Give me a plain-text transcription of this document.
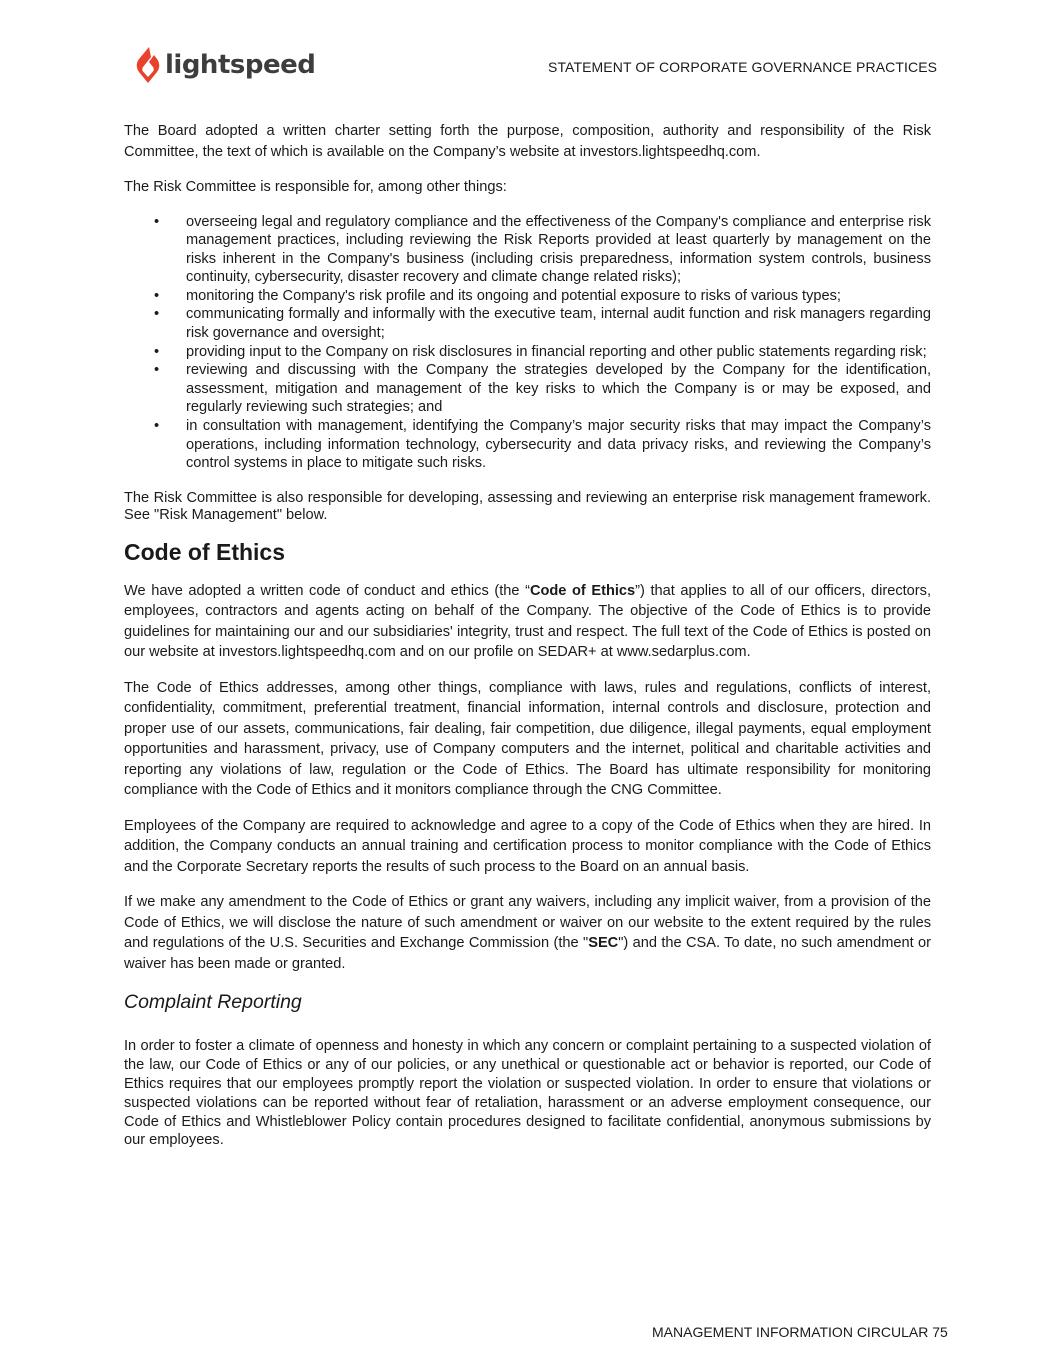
lightspeed	STATEMENT OF CORPORATE GOVERNANCE PRACTICES

The Board adopted a written charter setting forth the purpose, composition, authority and responsibility of the Risk Committee, the text of which is available on the Company’s website at investors.lightspeedhq.com.

The Risk Committee is responsible for, among other things:

• overseeing legal and regulatory compliance and the effectiveness of the Company's compliance and enterprise risk management practices, including reviewing the Risk Reports provided at least quarterly by management on the risks inherent in the Company's business (including crisis preparedness, information system controls, business continuity, cybersecurity, disaster recovery and climate change related risks);
• monitoring the Company's risk profile and its ongoing and potential exposure to risks of various types;
• communicating formally and informally with the executive team, internal audit function and risk managers regarding risk governance and oversight;
• providing input to the Company on risk disclosures in financial reporting and other public statements regarding risk;
• reviewing and discussing with the Company the strategies developed by the Company for the identification, assessment, mitigation and management of the key risks to which the Company is or may be exposed, and regularly reviewing such strategies; and
• in consultation with management, identifying the Company’s major security risks that may impact the Company’s operations, including information technology, cybersecurity and data privacy risks, and reviewing the Company’s control systems in place to mitigate such risks.

The Risk Committee is also responsible for developing, assessing and reviewing an enterprise risk management framework. See "Risk Management" below.

Code of Ethics

We have adopted a written code of conduct and ethics (the “Code of Ethics”) that applies to all of our officers, directors, employees, contractors and agents acting on behalf of the Company. The objective of the Code of Ethics is to provide guidelines for maintaining our and our subsidiaries' integrity, trust and respect. The full text of the Code of Ethics is posted on our website at investors.lightspeedhq.com and on our profile on SEDAR+ at www.sedarplus.com.

The Code of Ethics addresses, among other things, compliance with laws, rules and regulations, conflicts of interest, confidentiality, commitment, preferential treatment, financial information, internal controls and disclosure, protection and proper use of our assets, communications, fair dealing, fair competition, due diligence, illegal payments, equal employment opportunities and harassment, privacy, use of Company computers and the internet, political and charitable activities and reporting any violations of law, regulation or the Code of Ethics. The Board has ultimate responsibility for monitoring compliance with the Code of Ethics and it monitors compliance through the CNG Committee.

Employees of the Company are required to acknowledge and agree to a copy of the Code of Ethics when they are hired. In addition, the Company conducts an annual training and certification process to monitor compliance with the Code of Ethics and the Corporate Secretary reports the results of such process to the Board on an annual basis.

If we make any amendment to the Code of Ethics or grant any waivers, including any implicit waiver, from a provision of the Code of Ethics, we will disclose the nature of such amendment or waiver on our website to the extent required by the rules and regulations of the U.S. Securities and Exchange Commission (the "SEC") and the CSA. To date, no such amendment or waiver has been made or granted.

Complaint Reporting

In order to foster a climate of openness and honesty in which any concern or complaint pertaining to a suspected violation of the law, our Code of Ethics or any of our policies, or any unethical or questionable act or behavior is reported, our Code of Ethics requires that our employees promptly report the violation or suspected violation. In order to ensure that violations or suspected violations can be reported without fear of retaliation, harassment or an adverse employment consequence, our Code of Ethics and Whistleblower Policy contain procedures designed to facilitate confidential, anonymous submissions by our employees.

MANAGEMENT INFORMATION CIRCULAR 75
